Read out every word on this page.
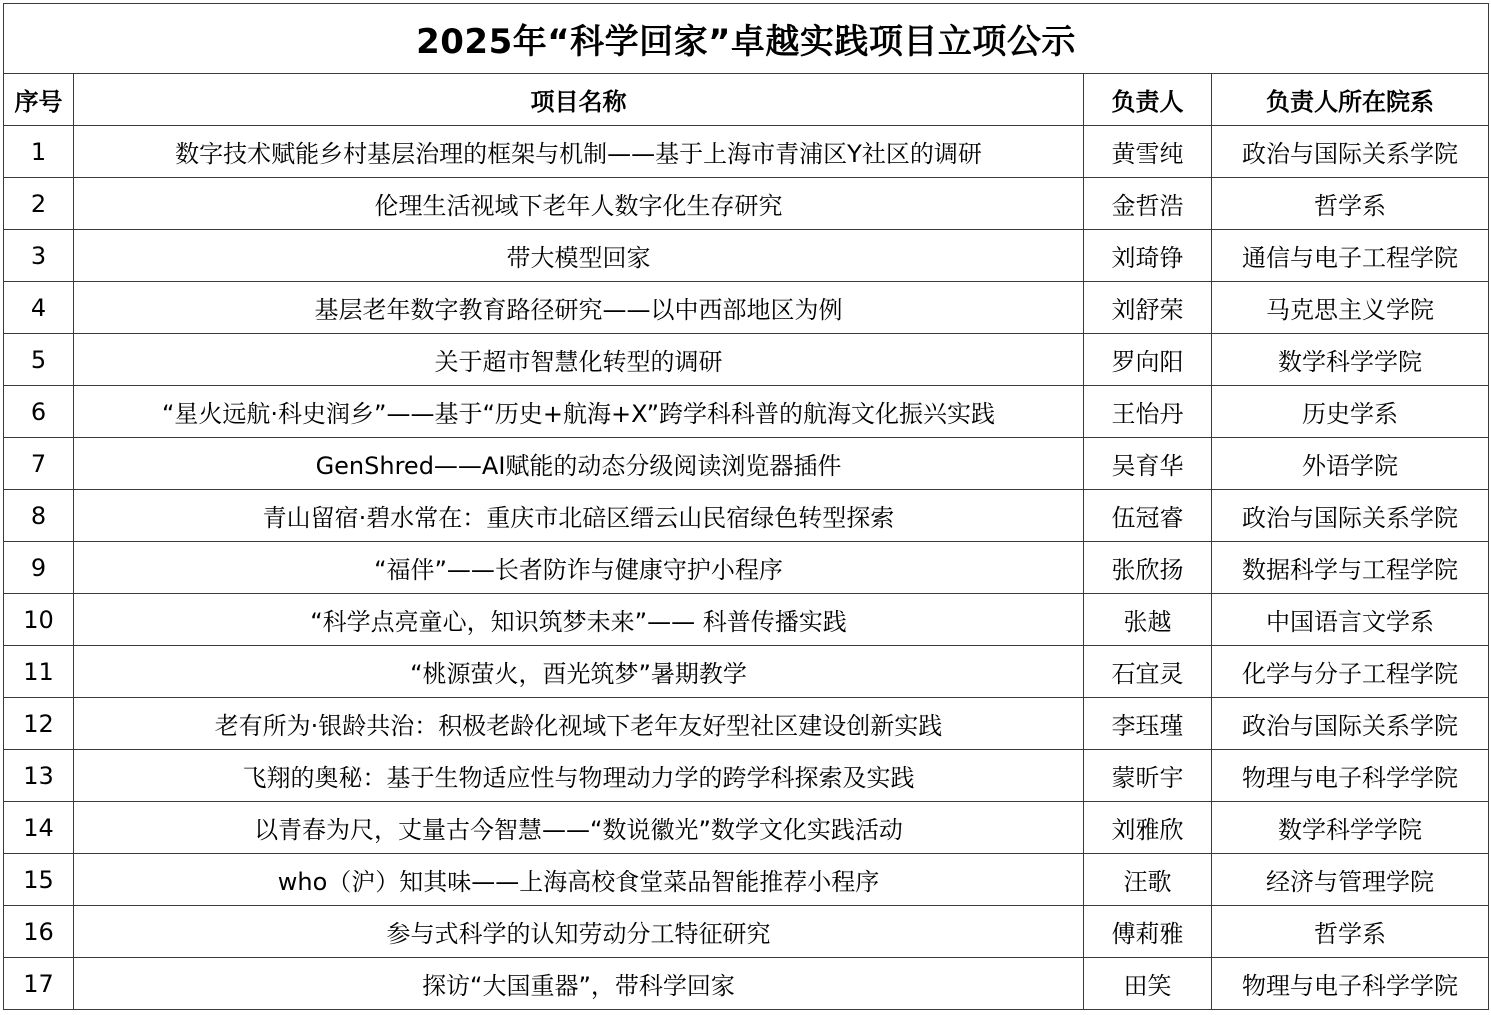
2025年“科学回家”卓越实践项目立项公示			
序号	项目名称	负责人	负责人所在院系
1	数字技术赋能乡村基层治理的框架与机制——基于上海市青浦区Y社区的调研	黄雪纯	政治与国际关系学院
2	伦理生活视域下老年人数字化生存研究	金哲浩	哲学系
3	带大模型回家	刘琦铮	通信与电子工程学院
4	基层老年数字教育路径研究——以中西部地区为例	刘舒荣	马克思主义学院
5	关于超市智慧化转型的调研	罗向阳	数学科学学院
6	“星火远航·科史润乡”——基于“历史+航海+X”跨学科科普的航海文化振兴实践	王怡丹	历史学系
7	GenShred——AI赋能的动态分级阅读浏览器插件	吴育华	外语学院
8	青山留宿·碧水常在：重庆市北碚区缙云山民宿绿色转型探索	伍冠睿	政治与国际关系学院
9	“福伴”——长者防诈与健康守护小程序	张欣扬	数据科学与工程学院
10	“科学点亮童心，知识筑梦未来”—— 科普传播实践	张越	中国语言文学系
11	“桃源萤火，酉光筑梦”暑期教学	石宜灵	化学与分子工程学院
12	老有所为·银龄共治：积极老龄化视域下老年友好型社区建设创新实践	李珏瑾	政治与国际关系学院
13	飞翔的奥秘：基于生物适应性与物理动力学的跨学科探索及实践	蒙昕宇	物理与电子科学学院
14	以青春为尺，丈量古今智慧——“数说徽光”数学文化实践活动	刘雅欣	数学科学学院
15	who（沪）知其味——上海高校食堂菜品智能推荐小程序	汪歌	经济与管理学院
16	参与式科学的认知劳动分工特征研究	傅莉雅	哲学系
17	探访“大国重器”，带科学回家	田笑	物理与电子科学学院
